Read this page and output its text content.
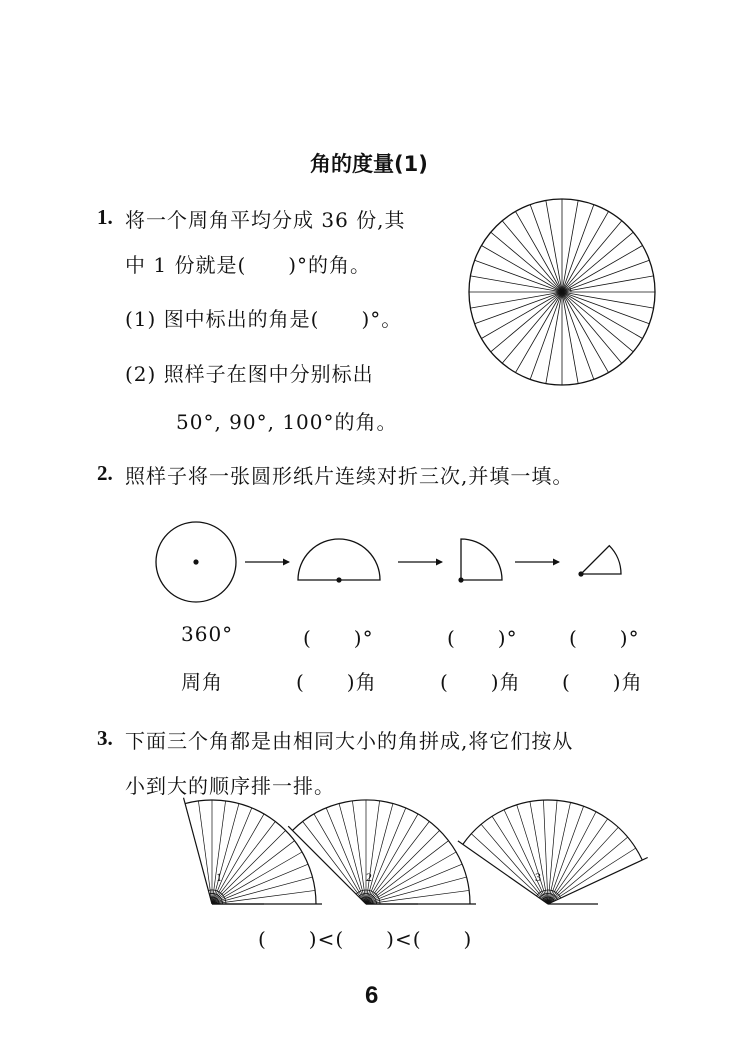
角的度量(1)
1. 将一个周角平均分成 36 份,其
中 1 份就是(　　)°的角。
(1) 图中标出的角是(　　)°。
(2) 照样子在图中分别标出
50°, 90°, 100°的角。
2. 照样子将一张圆形纸片连续对折三次,并填一填。
360°	(　　)°	(　　)°	(　　)°
周角	(　　)角	(　　)角 (　　)角
3. 下面三个角都是由相同大小的角拼成,将它们按从
小到大的顺序排一排。
(　　)<(　　)<(　　)
6
1	2	3
